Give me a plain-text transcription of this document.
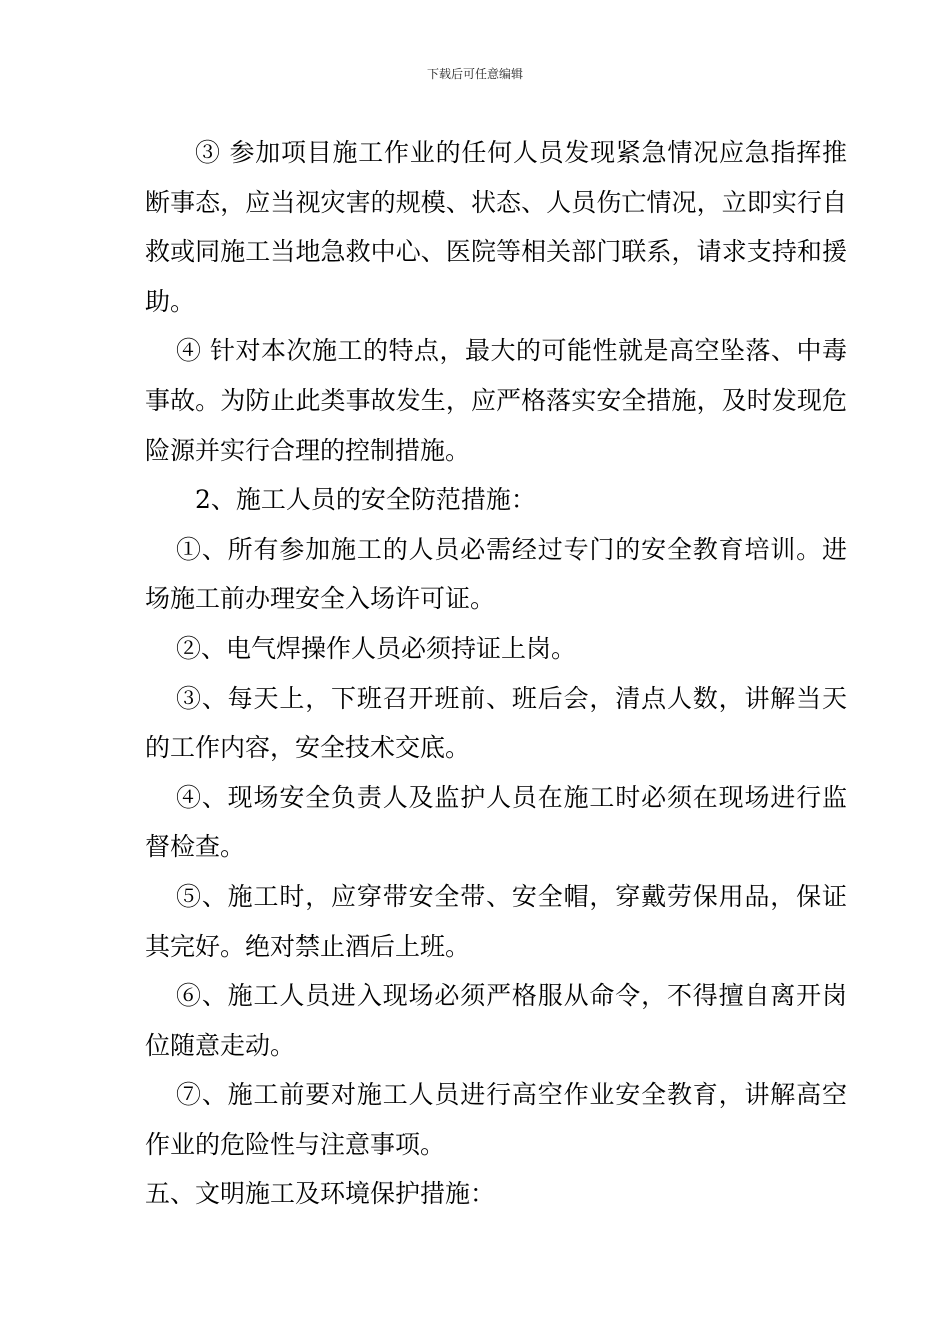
下载后可任意编辑

③ 参加项目施工作业的任何人员发现紧急情况应急指挥推断事态，应当视灾害的规模、状态、人员伤亡情况，立即实行自救或同施工当地急救中心、医院等相关部门联系，请求支持和援助。

④ 针对本次施工的特点，最大的可能性就是高空坠落、中毒事故。为防止此类事故发生，应严格落实安全措施，及时发现危险源并实行合理的控制措施。

2、施工人员的安全防范措施：

①、所有参加施工的人员必需经过专门的安全教育培训。进场施工前办理安全入场许可证。

②、电气焊操作人员必须持证上岗。

③、每天上，下班召开班前、班后会，清点人数，讲解当天的工作内容，安全技术交底。

④、现场安全负责人及监护人员在施工时必须在现场进行监督检查。

⑤、施工时，应穿带安全带、安全帽，穿戴劳保用品，保证其完好。绝对禁止酒后上班。

⑥、施工人员进入现场必须严格服从命令，不得擅自离开岗位随意走动。

⑦、施工前要对施工人员进行高空作业安全教育，讲解高空作业的危险性与注意事项。

五、文明施工及环境保护措施：
